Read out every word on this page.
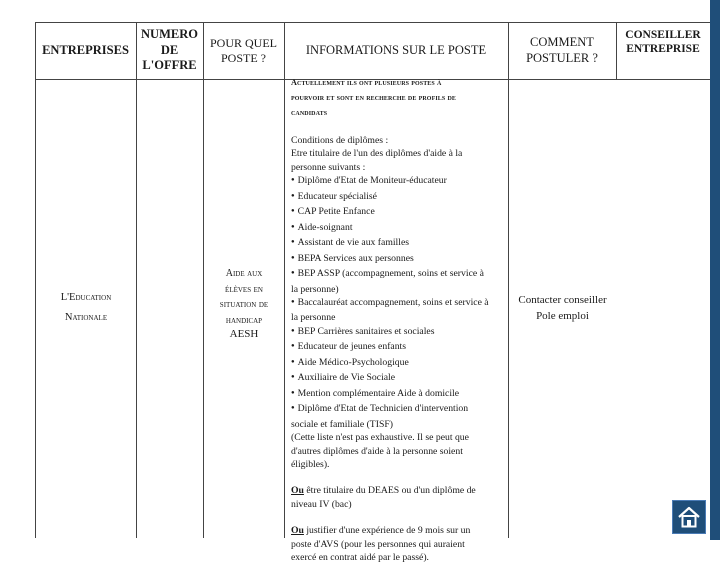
ENTREPRISES
NUMERO
DE
L'OFFRE
POUR QUEL
POSTE ?
INFORMATIONS SUR LE POSTE
COMMENT
POSTULER ?
CONSEILLER
ENTREPRISE
L'Education
Nationale
Aide aux
élèves en
situation de
handicap
AESH
Actuellement ils ont plusieurs postes à
pourvoir et sont en recherche de profils de
candidats
Conditions de diplômes :
Etre titulaire de l'un des diplômes d'aide à la
personne suivants :
● Diplôme d'Etat de Moniteur-éducateur
● Educateur spécialisé
● CAP Petite Enfance
● Aide-soignant
● Assistant de vie aux familles
● BEPA Services aux personnes
● BEP ASSP (accompagnement, soins et service à
la personne)
● Baccalauréat accompagnement, soins et service à
la personne
● BEP Carrières sanitaires et sociales
● Educateur de jeunes enfants
● Aide Médico-Psychologique
● Auxiliaire de Vie Sociale
● Mention complémentaire Aide à domicile
● Diplôme d'Etat de Technicien d'intervention
sociale et familiale (TISF)
(Cette liste n'est pas exhaustive. Il se peut que
d'autres diplômes d'aide à la personne soient
éligibles).
Ou être titulaire du DEAES ou d'un diplôme de
niveau IV (bac)
Ou justifier d'une expérience de 9 mois sur un
poste d'AVS (pour les personnes qui auraient
exercé en contrat aidé par le passé).
Contacter conseiller
Pole emploi
